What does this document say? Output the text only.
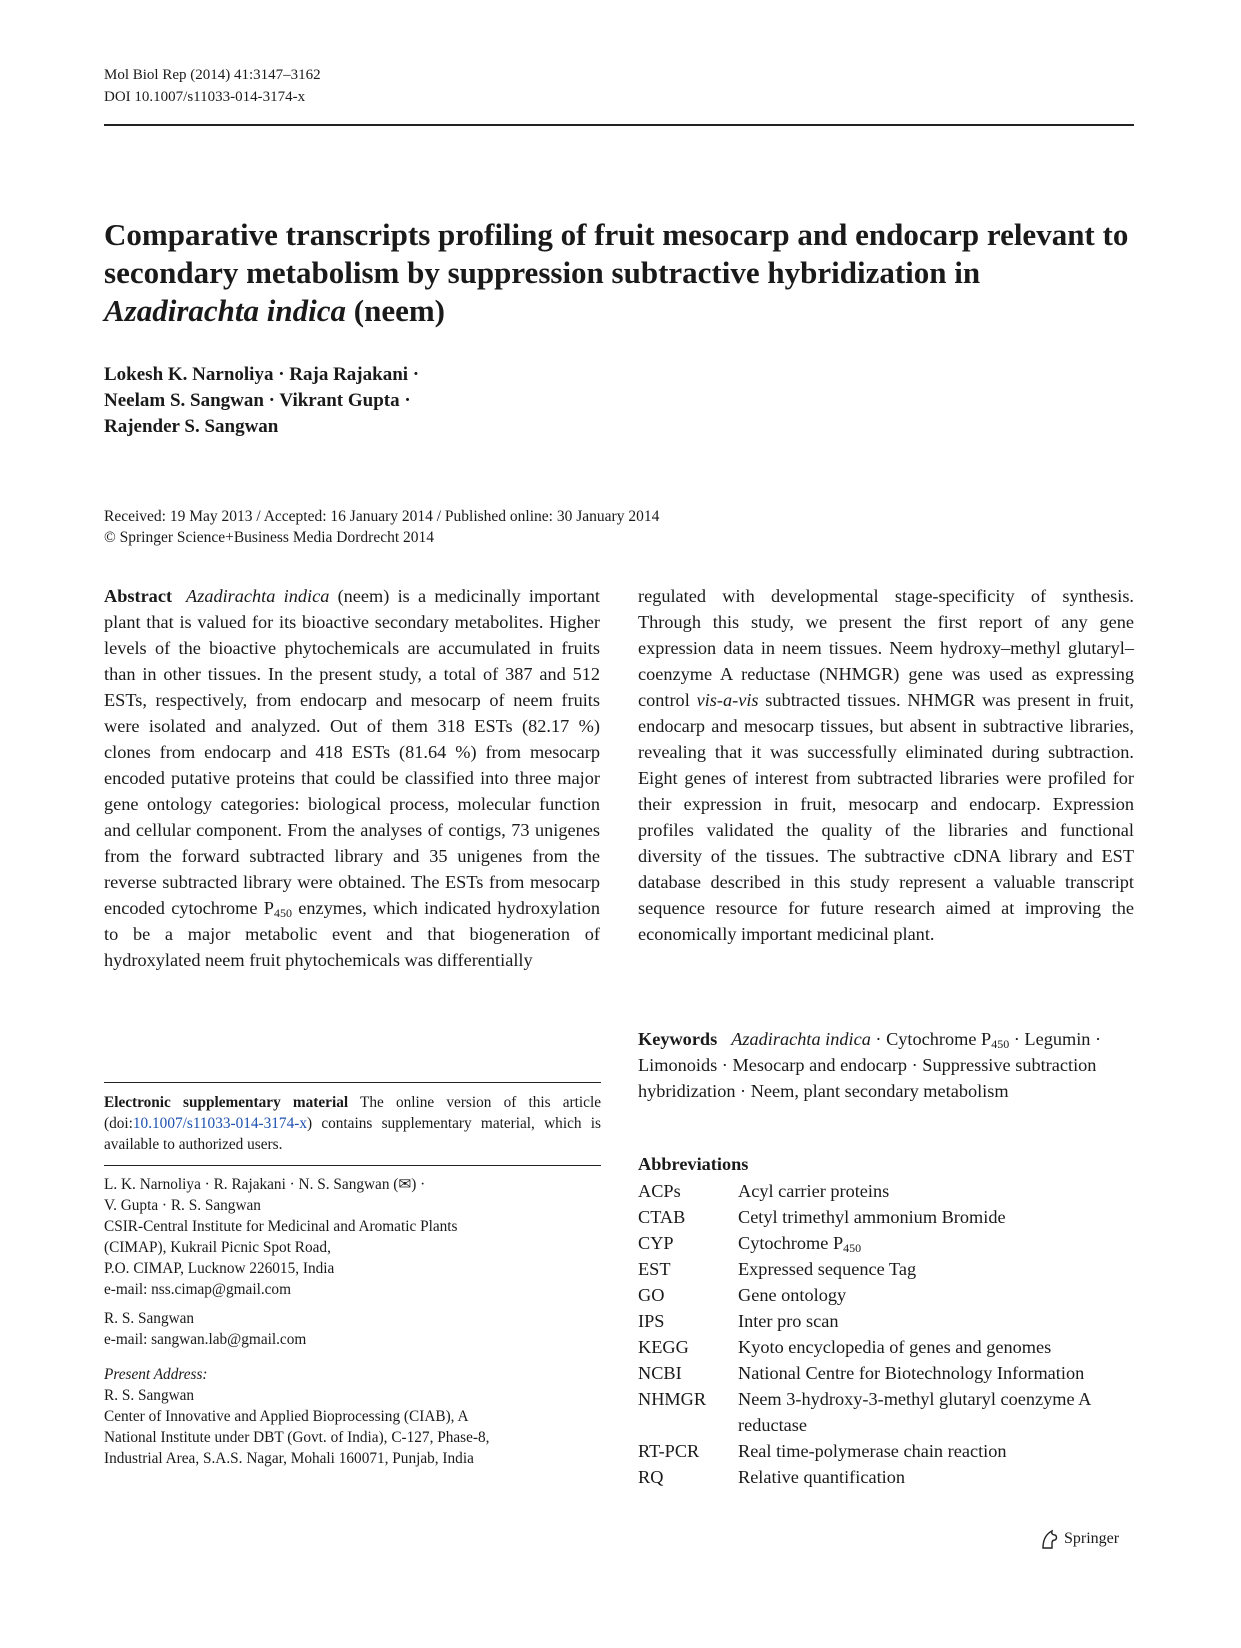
Mol Biol Rep (2014) 41:3147–3162
DOI 10.1007/s11033-014-3174-x
Comparative transcripts profiling of fruit mesocarp and endocarp relevant to secondary metabolism by suppression subtractive hybridization in Azadirachta indica (neem)
Lokesh K. Narnoliya · Raja Rajakani ·
Neelam S. Sangwan · Vikrant Gupta ·
Rajender S. Sangwan
Received: 19 May 2013 / Accepted: 16 January 2014 / Published online: 30 January 2014
© Springer Science+Business Media Dordrecht 2014
Abstract Azadirachta indica (neem) is a medicinally important plant that is valued for its bioactive secondary metabolites. Higher levels of the bioactive phytochemicals are accumulated in fruits than in other tissues. In the present study, a total of 387 and 512 ESTs, respectively, from endocarp and mesocarp of neem fruits were isolated and analyzed. Out of them 318 ESTs (82.17 %) clones from endocarp and 418 ESTs (81.64 %) from mesocarp encoded putative proteins that could be classified into three major gene ontology categories: biological process, molecular function and cellular component. From the analyses of contigs, 73 unigenes from the forward subtracted library and 35 unigenes from the reverse subtracted library were obtained. The ESTs from mesocarp encoded cytochrome $P_{450}$ enzymes, which indicated hydroxylation to be a major metabolic event and that biogeneration of hydroxylated neem fruit phytochemicals was differentially
regulated with developmental stage-specificity of synthesis. Through this study, we present the first report of any gene expression data in neem tissues. Neem hydroxy–methyl glutaryl–coenzyme A reductase (NHMGR) gene was used as expressing control vis-a-vis subtracted tissues. NHMGR was present in fruit, endocarp and mesocarp tissues, but absent in subtractive libraries, revealing that it was successfully eliminated during subtraction. Eight genes of interest from subtracted libraries were profiled for their expression in fruit, mesocarp and endocarp. Expression profiles validated the quality of the libraries and functional diversity of the tissues. The subtractive cDNA library and EST database described in this study represent a valuable transcript sequence resource for future research aimed at improving the economically important medicinal plant.
Keywords Azadirachta indica · Cytochrome $P_{450}$ · Legumin · Limonoids · Mesocarp and endocarp · Suppressive subtraction hybridization · Neem, plant secondary metabolism
Electronic supplementary material The online version of this article (doi:10.1007/s11033-014-3174-x) contains supplementary material, which is available to authorized users.
L. K. Narnoliya · R. Rajakani · N. S. Sangwan (✉) ·
V. Gupta · R. S. Sangwan
CSIR-Central Institute for Medicinal and Aromatic Plants
(CIMAP), Kukrail Picnic Spot Road,
P.O. CIMAP, Lucknow 226015, India
e-mail: nss.cimap@gmail.com
R. S. Sangwan
e-mail: sangwan.lab@gmail.com
Present Address:
R. S. Sangwan
Center of Innovative and Applied Bioprocessing (CIAB), A
National Institute under DBT (Govt. of India), C-127, Phase-8,
Industrial Area, S.A.S. Nagar, Mohali 160071, Punjab, India
Abbreviations
ACPs	Acyl carrier proteins
CTAB	Cetyl trimethyl ammonium Bromide
CYP	Cytochrome $P_{450}$
EST	Expressed sequence Tag
GO	Gene ontology
IPS	Inter pro scan
KEGG	Kyoto encyclopedia of genes and genomes
NCBI	National Centre for Biotechnology Information
NHMGR	Neem 3-hydroxy-3-methyl glutaryl coenzyme A reductase
RT-PCR	Real time-polymerase chain reaction
RQ	Relative quantification
Springer
